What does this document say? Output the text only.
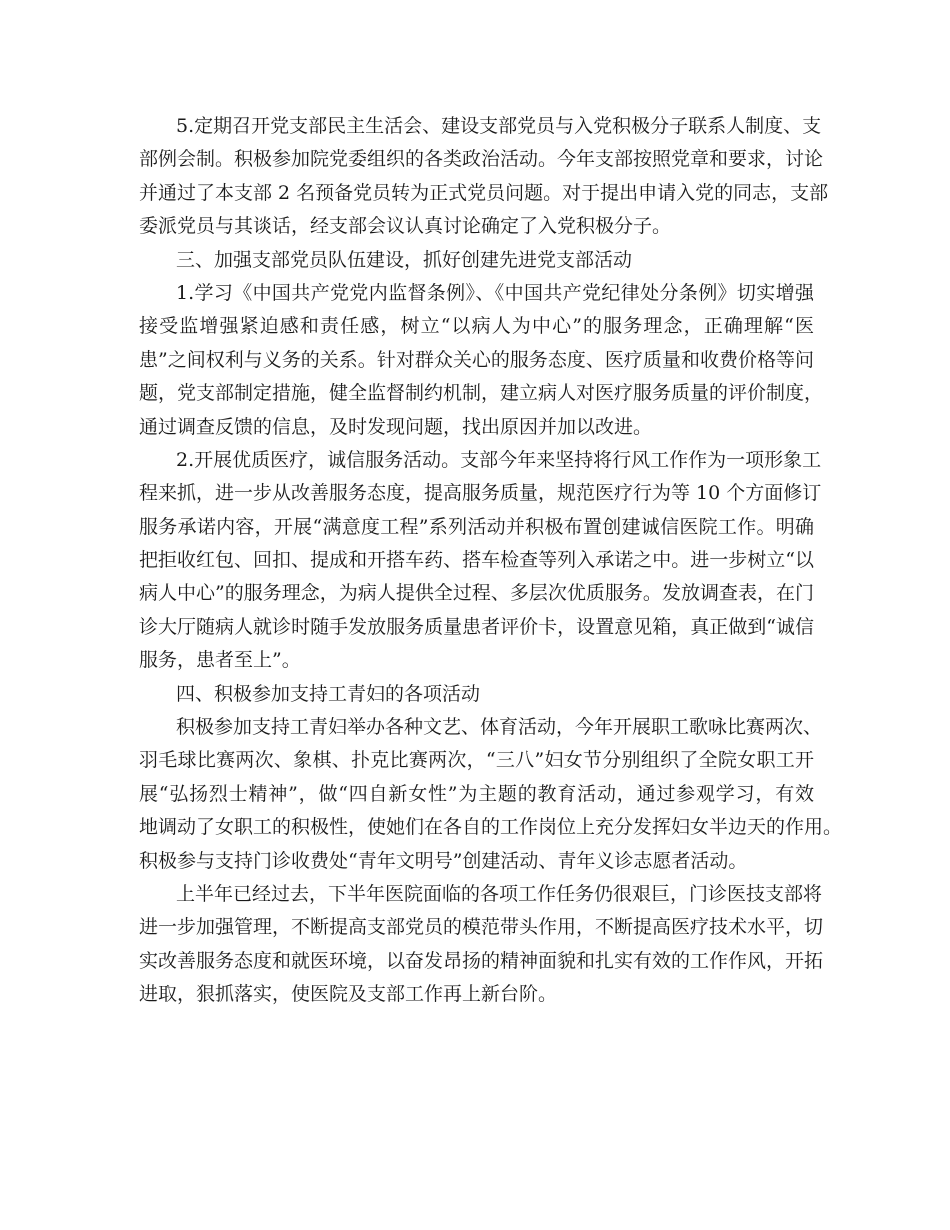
5.定期召开党支部民主生活会、建设支部党员与入党积极分子联系人制度、支
部例会制。积极参加院党委组织的各类政治活动。今年支部按照党章和要求，讨论
并通过了本支部 2 名预备党员转为正式党员问题。对于提出申请入党的同志，支部
委派党员与其谈话，经支部会议认真讨论确定了入党积极分子。
三、加强支部党员队伍建设，抓好创建先进党支部活动
1.学习《中国共产党党内监督条例》、《中国共产党纪律处分条例》切实增强
接受监增强紧迫感和责任感，树立“以病人为中心”的服务理念，正确理解“医
患”之间权利与义务的关系。针对群众关心的服务态度、医疗质量和收费价格等问
题，党支部制定措施，健全监督制约机制，建立病人对医疗服务质量的评价制度，
通过调查反馈的信息，及时发现问题，找出原因并加以改进。
2.开展优质医疗，诚信服务活动。支部今年来坚持将行风工作作为一项形象工
程来抓，进一步从改善服务态度，提高服务质量，规范医疗行为等 10 个方面修订
服务承诺内容，开展“满意度工程”系列活动并积极布置创建诚信医院工作。明确
把拒收红包、回扣、提成和开搭车药、搭车检查等列入承诺之中。进一步树立“以
病人中心”的服务理念，为病人提供全过程、多层次优质服务。发放调查表，在门
诊大厅随病人就诊时随手发放服务质量患者评价卡，设置意见箱，真正做到“诚信
服务，患者至上”。
四、积极参加支持工青妇的各项活动
积极参加支持工青妇举办各种文艺、体育活动，今年开展职工歌咏比赛两次、
羽毛球比赛两次、象棋、扑克比赛两次，“三八”妇女节分别组织了全院女职工开
展“弘扬烈士精神”，做“四自新女性”为主题的教育活动，通过参观学习，有效
地调动了女职工的积极性，使她们在各自的工作岗位上充分发挥妇女半边天的作用。
积极参与支持门诊收费处“青年文明号”创建活动、青年义诊志愿者活动。
上半年已经过去，下半年医院面临的各项工作任务仍很艰巨，门诊医技支部将
进一步加强管理，不断提高支部党员的模范带头作用，不断提高医疗技术水平，切
实改善服务态度和就医环境，以奋发昂扬的精神面貌和扎实有效的工作作风，开拓
进取，狠抓落实，使医院及支部工作再上新台阶。
